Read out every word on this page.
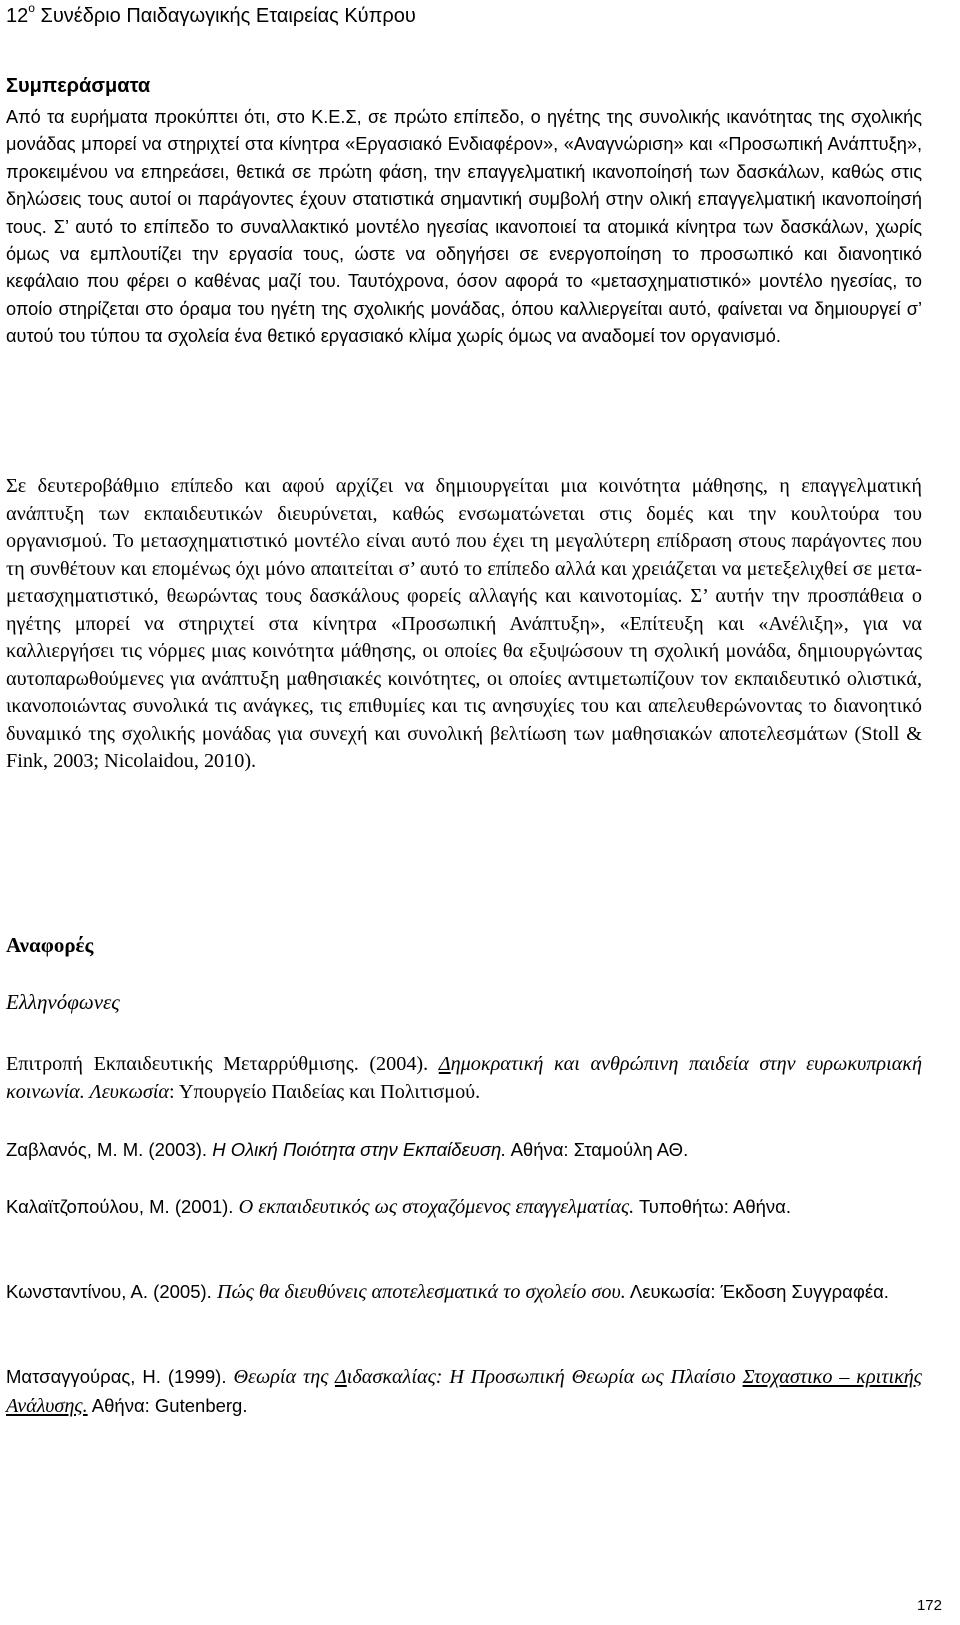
$12^o$ Συνέδριο Παιδαγωγικής Εταιρείας Κύπρου
Συμπεράσματα

Από τα ευρήματα προκύπτει ότι, στο Κ.Ε.Σ, σε πρώτο επίπεδο, ο ηγέτης της συνολικής ικανότητας της σχολικής μονάδας μπορεί να στηριχτεί στα κίνητρα «Εργασιακό Ενδιαφέρον», «Αναγνώριση» και «Προσωπική Ανάπτυξη», προκειμένου να επηρεάσει, θετικά σε πρώτη φάση, την επαγγελματική ικανοποίησή των δασκάλων, καθώς στις δηλώσεις τους αυτοί οι παράγοντες έχουν στατιστικά σημαντική συμβολή στην ολική επαγγελματική ικανοποίησή τους. Σ’ αυτό το επίπεδο το συναλλακτικό μοντέλο ηγεσίας ικανοποιεί τα ατομικά κίνητρα των δασκάλων, χωρίς όμως να εμπλουτίζει την εργασία τους, ώστε να οδηγήσει σε ενεργοποίηση το προσωπικό και διανοητικό κεφάλαιο που φέρει ο καθένας μαζί του. Ταυτόχρονα, όσον αφορά το «μετασχηματιστικό» μοντέλο ηγεσίας, το οποίο στηρίζεται στο όραμα του ηγέτη της σχολικής μονάδας, όπου καλλιεργείται αυτό, φαίνεται να δημιουργεί σ’ αυτού του τύπου τα σχολεία ένα θετικό εργασιακό κλίμα χωρίς όμως να αναδομεί τον οργανισμό.

Σε δευτεροβάθμιο επίπεδο και αφού αρχίζει να δημιουργείται μια κοινότητα μάθησης, η επαγγελματική ανάπτυξη των εκπαιδευτικών διευρύνεται, καθώς ενσωματώνεται στις δομές και την κουλτούρα του οργανισμού. Το μετασχηματιστικό μοντέλο είναι αυτό που έχει τη μεγαλύτερη επίδραση στους παράγοντες που τη συνθέτουν και επομένως όχι μόνο απαιτείται σ’ αυτό το επίπεδο αλλά και χρειάζεται να μετεξελιχθεί σε μετα-μετασχηματιστικό, θεωρώντας τους δασκάλους φορείς αλλαγής και καινοτομίας. Σ’ αυτήν την προσπάθεια ο ηγέτης μπορεί να στηριχτεί στα κίνητρα «Προσωπική Ανάπτυξη», «Επίτευξη και «Ανέλιξη», για να καλλιεργήσει τις νόρμες μιας κοινότητα μάθησης, οι οποίες θα εξυψώσουν τη σχολική μονάδα, δημιουργώντας αυτοπαρωθούμενες για ανάπτυξη μαθησιακές κοινότητες, οι οποίες αντιμετωπίζουν τον εκπαιδευτικό ολιστικά, ικανοποιώντας συνολικά τις ανάγκες, τις επιθυμίες και τις ανησυχίες του και απελευθερώνοντας το διανοητικό δυναμικό της σχολικής μονάδας για συνεχή και συνολική βελτίωση των μαθησιακών αποτελεσμάτων (Stoll & Fink, 2003; Nicolaidou, 2010).

Αναφορές
Ελληνόφωνες

Επιτροπή Εκπαιδευτικής Μεταρρύθμισης. (2004). Δημοκρατική και ανθρώπινη παιδεία στην ευρωκυπριακή κοινωνία. Λευκωσία: Υπουργείο Παιδείας και Πολιτισμού.

Ζαβλανός, Μ. Μ. (2003). Η Ολική Ποιότητα στην Εκπαίδευση. Αθήνα: Σταμούλη ΑΘ.

Καλαϊτζοπούλου, Μ. (2001). Ο εκπαιδευτικός ως στοχαζόμενος επαγγελματίας. Τυποθήτω: Αθήνα.

Κωνσταντίνου, Α. (2005). Πώς θα διευθύνεις αποτελεσματικά το σχολείο σου. Λευκωσία: Έκδοση Συγγραφέα.

Ματσαγγούρας, Η. (1999). Θεωρία της Διδασκαλίας: Η Προσωπική Θεωρία ως Πλαίσιο Στοχαστικο – κριτικής Ανάλυσης. Αθήνα: Gutenberg.

172
